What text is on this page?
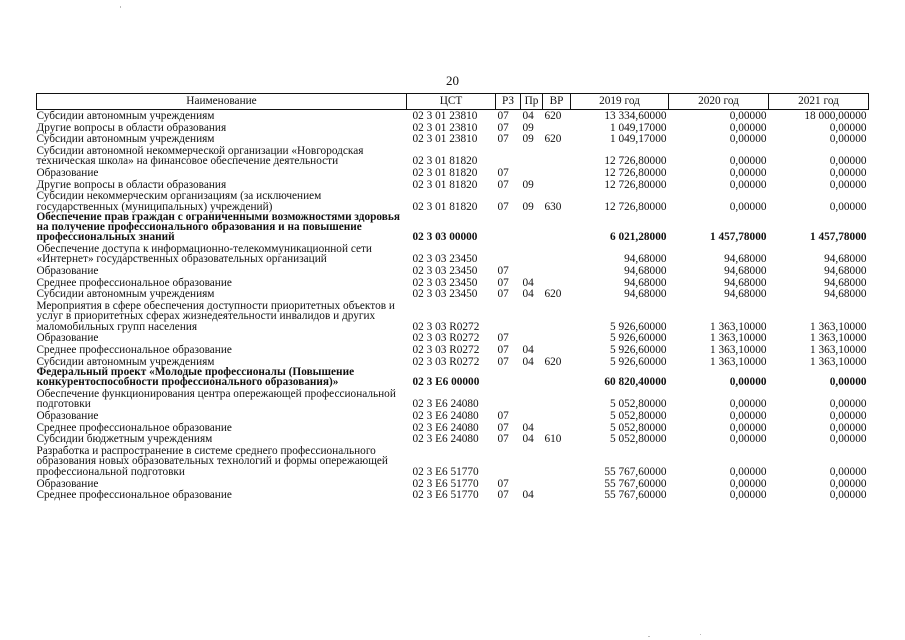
20
Наименование	ЦСТ	РЗ	Пр	ВР	2019 год	2020 год	2021 год
Субсидии автономным учреждениям	02 3 01 23810	07	04	620	13 334,60000	0,00000	18 000,00000
Другие вопросы в области образования	02 3 01 23810	07	09		1 049,17000	0,00000	0,00000
Субсидии автономным учреждениям	02 3 01 23810	07	09	620	1 049,17000	0,00000	0,00000
Субсидии автономной некоммерческой организации «Новгородская техническая школа» на финансовое обеспечение деятельности	02 3 01 81820				12 726,80000	0,00000	0,00000
Образование	02 3 01 81820	07			12 726,80000	0,00000	0,00000
Другие вопросы в области образования	02 3 01 81820	07	09		12 726,80000	0,00000	0,00000
Субсидии некоммерческим организациям (за исключением государственных (муниципальных) учреждений)	02 3 01 81820	07	09	630	12 726,80000	0,00000	0,00000
Обеспечение прав граждан с ограниченными возможностями здоровья на получение профессионального образования и на повышение профессиональных знаний	02 3 03 00000				6 021,28000	1 457,78000	1 457,78000
Обеспечение доступа к информационно-телекоммуникационной сети «Интернет» государственных образовательных организаций	02 3 03 23450				94,68000	94,68000	94,68000
Образование	02 3 03 23450	07			94,68000	94,68000	94,68000
Среднее профессиональное образование	02 3 03 23450	07	04		94,68000	94,68000	94,68000
Субсидии автономным учреждениям	02 3 03 23450	07	04	620	94,68000	94,68000	94,68000
Мероприятия в сфере обеспечения доступности приоритетных объектов и услуг в приоритетных сферах жизнедеятельности инвалидов и других маломобильных групп населения	02 3 03 R0272				5 926,60000	1 363,10000	1 363,10000
Образование	02 3 03 R0272	07			5 926,60000	1 363,10000	1 363,10000
Среднее профессиональное образование	02 3 03 R0272	07	04		5 926,60000	1 363,10000	1 363,10000
Субсидии автономным учреждениям	02 3 03 R0272	07	04	620	5 926,60000	1 363,10000	1 363,10000
Федеральный проект «Молодые профессионалы (Повышение конкурентоспособности профессионального образования)»	02 3 E6 00000				60 820,40000	0,00000	0,00000
Обеспечение функционирования центра опережающей профессиональной подготовки	02 3 E6 24080				5 052,80000	0,00000	0,00000
Образование	02 3 E6 24080	07			5 052,80000	0,00000	0,00000
Среднее профессиональное образование	02 3 E6 24080	07	04		5 052,80000	0,00000	0,00000
Субсидии бюджетным учреждениям	02 3 E6 24080	07	04	610	5 052,80000	0,00000	0,00000
Разработка и распространение в системе среднего профессионального образования новых образовательных технологий и формы опережающей профессиональной подготовки	02 3 E6 51770				55 767,60000	0,00000	0,00000
Образование	02 3 E6 51770	07			55 767,60000	0,00000	0,00000
Среднее профессиональное образование	02 3 E6 51770	07	04		55 767,60000	0,00000	0,00000
